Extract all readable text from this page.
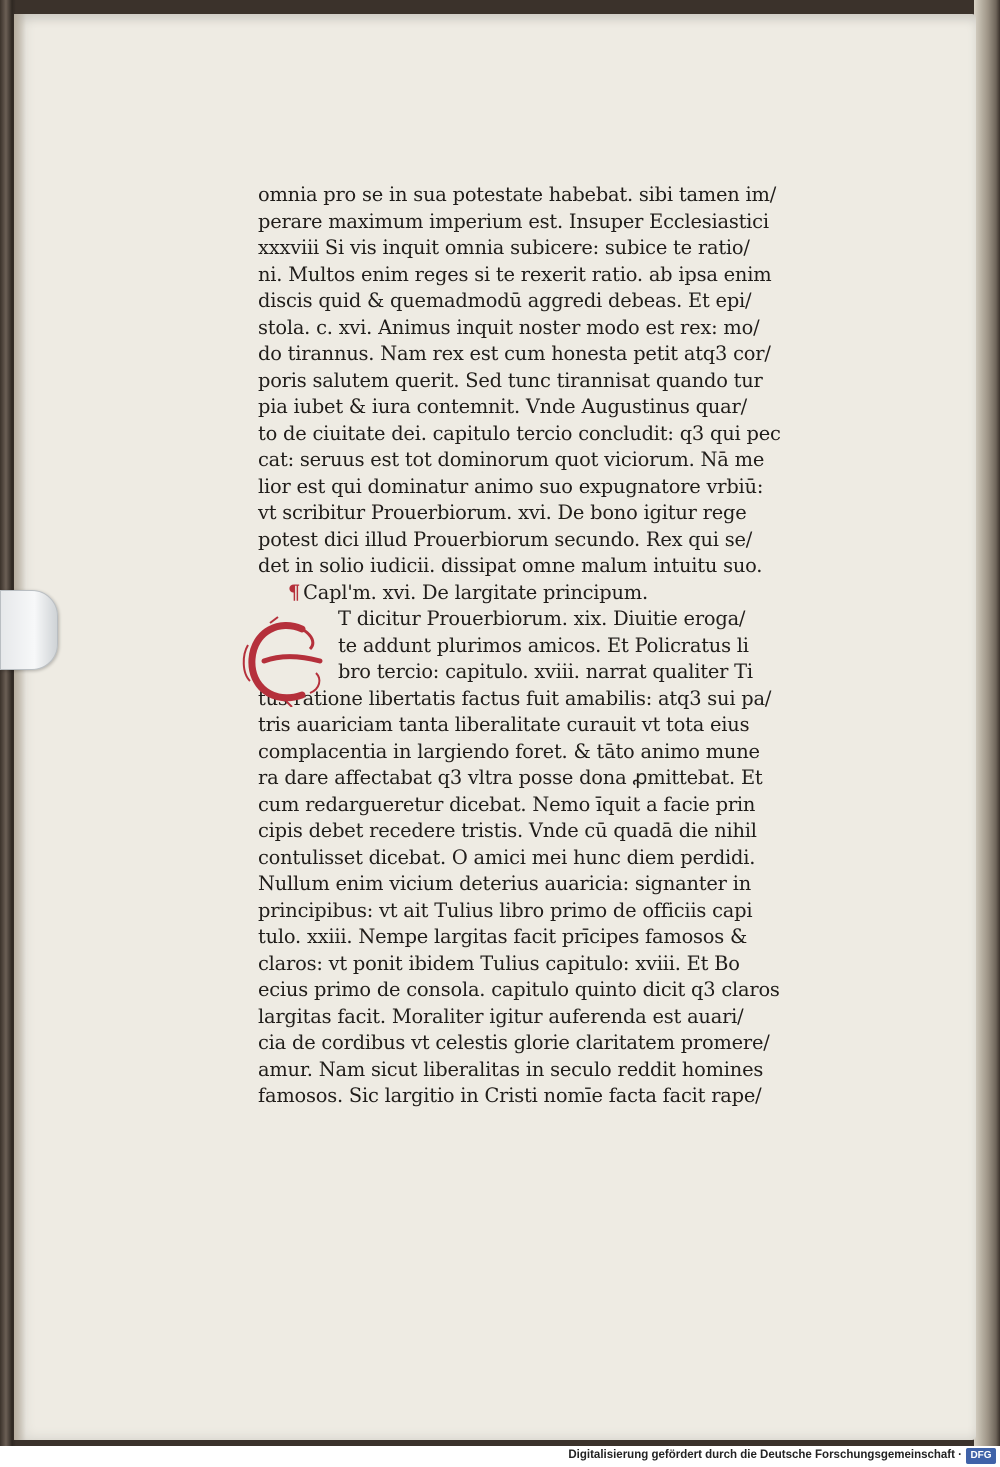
omnia pro se in sua potestate habebat. sibi tamen im/
perare maximum imperium est. Insuper Ecclesiastici
xxxviii Si vis inquit omnia subicere: subice te ratio/
ni. Multos enim reges si te rexerit ratio. ab ipsa enim
discis quid & quemadmodū aggredi debeas. Et epi/
stola. c. xvi. Animus inquit noster modo est rex: mo/
do tirannus. Nam rex est cum honesta petit atq3 cor/
poris salutem querit. Sed tunc tirannisat quando tur
pia iubet & iura contemnit. Vnde Augustinus quar/
to de ciuitate dei. capitulo tercio concludit: q3 qui pec
cat: seruus est tot dominorum quot viciorum. Nā me
lior est qui dominatur animo suo expugnatore vrbiū:
vt scribitur Prouerbiorum. xvi. De bono igitur rege
potest dici illud Prouerbiorum secundo. Rex qui se/
det in solio iudicii. dissipat omne malum intuitu suo.
¶ Capl'm. xvi. De largitate principum.
E	T dicitur Prouerbiorum. xix. Diuitie eroga/
te addunt plurimos amicos. Et Policratus li
bro tercio: capitulo. xviii. narrat qualiter Ti
tus ratione libertatis factus fuit amabilis: atq3 sui pa/
tris auariciam tanta liberalitate curauit vt tota eius
complacentia in largiendo foret. & tāto animo mune
ra dare affectabat q3 vltra posse dona ꝓmittebat. Et
cum redargueretur dicebat. Nemo īquit a facie prin
cipis debet recedere tristis. Vnde cū quadā die nihil
contulisset dicebat. O amici mei hunc diem perdidi.
Nullum enim vicium deterius auaricia: signanter in
principibus: vt ait Tulius libro primo de officiis capi
tulo. xxiii. Nempe largitas facit prīcipes famosos &
claros: vt ponit ibidem Tulius capitulo: xviii. Et Bo
ecius primo de consola. capitulo quinto dicit q3 claros
largitas facit. Moraliter igitur auferenda est auari/
cia de cordibus vt celestis glorie claritatem promere/
amur. Nam sicut liberalitas in seculo reddit homines
famosos. Sic largitio in Cristi nomīe facta facit rape/
Digitalisierung gefördert durch die Deutsche Forschungsgemeinschaft · DFG
